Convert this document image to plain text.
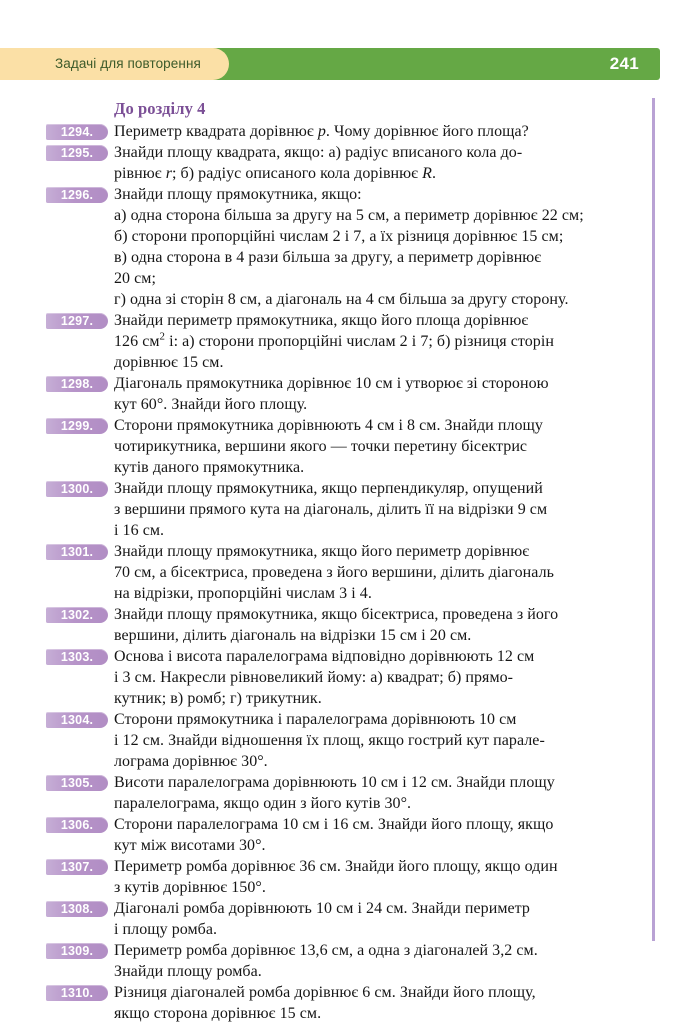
Задачі для повторення	241
До розділу 4
1294.	Периметр квадрата дорівнює p. Чому дорівнює його площа?

1295.	Знайди площу квадрата, якщо: а) радіус вписаного кола до-

рівнює r; б) радіус описаного кола дорівнює R.

1296.	Знайди площу прямокутника, якщо:

а) одна сторона більша за другу на 5 см, а периметр дорівнює 22 см;

б) сторони пропорційні числам 2 і 7, а їх різниця дорівнює 15 см;

в) одна сторона в 4 рази більша за другу, а периметр дорівнює

20 см;

г) одна зі сторін 8 см, а діагональ на 4 см більша за другу сторону.

1297.	Знайди периметр прямокутника, якщо його площа дорівнює

126 $см^2$ і: а) сторони пропорційні числам 2 і 7; б) різниця сторін

дорівнює 15 см.

1298.	Діагональ прямокутника дорівнює 10 см і утворює зі стороною

кут 60°. Знайди його площу.

1299.	Сторони прямокутника дорівнюють 4 см і 8 см. Знайди площу

чотирикутника, вершини якого — точки перетину бісектрис

кутів даного прямокутника.

1300.	Знайди площу прямокутника, якщо перпендикуляр, опущений

з вершини прямого кута на діагональ, ділить її на відрізки 9 см

і 16 см.

1301.	Знайди площу прямокутника, якщо його периметр дорівнює

70 см, а бісектриса, проведена з його вершини, ділить діагональ

на відрізки, пропорційні числам 3 і 4.

1302.	Знайди площу прямокутника, якщо бісектриса, проведена з його

вершини, ділить діагональ на відрізки 15 см і 20 см.

1303.	Основа і висота паралелограма відповідно дорівнюють 12 см

і 3 см. Накресли рівновеликий йому: а) квадрат; б) прямо-

кутник; в) ромб; г) трикутник.

1304.	Сторони прямокутника і паралелограма дорівнюють 10 см

і 12 см. Знайди відношення їх площ, якщо гострий кут парале-

лограма дорівнює 30°.

1305.	Висоти паралелограма дорівнюють 10 см і 12 см. Знайди площу

паралелограма, якщо один з його кутів 30°.

1306.	Сторони паралелограма 10 см і 16 см. Знайди його площу, якщо

кут між висотами 30°.

1307.	Периметр ромба дорівнює 36 см. Знайди його площу, якщо один

з кутів дорівнює 150°.

1308.	Діагоналі ромба дорівнюють 10 см і 24 см. Знайди периметр

і площу ромба.

1309.	Периметр ромба дорівнює 13,6 см, а одна з діагоналей 3,2 см.

Знайди площу ромба.

1310.	Різниця діагоналей ромба дорівнює 6 см. Знайди його площу,

якщо сторона дорівнює 15 см.
